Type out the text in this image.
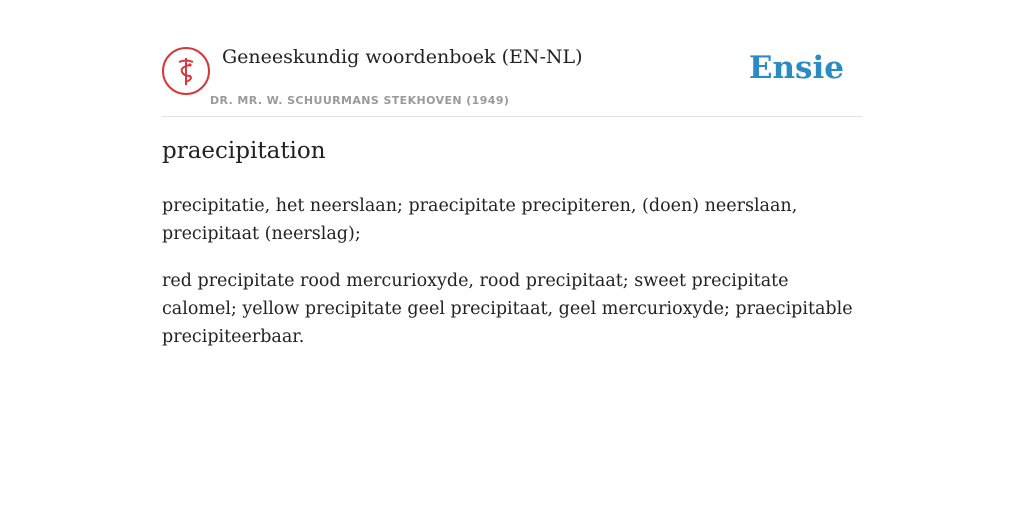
Geneeskundig woordenboek (EN-NL)
DR. MR. W. SCHUURMANS STEKHOVEN (1949)
Ensie
praecipitation

precipitatie, het neerslaan; praecipitate precipiteren, (doen) neerslaan, precipitaat (neerslag);

red precipitate rood mercurioxyde, rood precipitaat; sweet precipitate calomel; yellow precipitate geel precipitaat, geel mercurioxyde; praecipitable precipiteerbaar.
